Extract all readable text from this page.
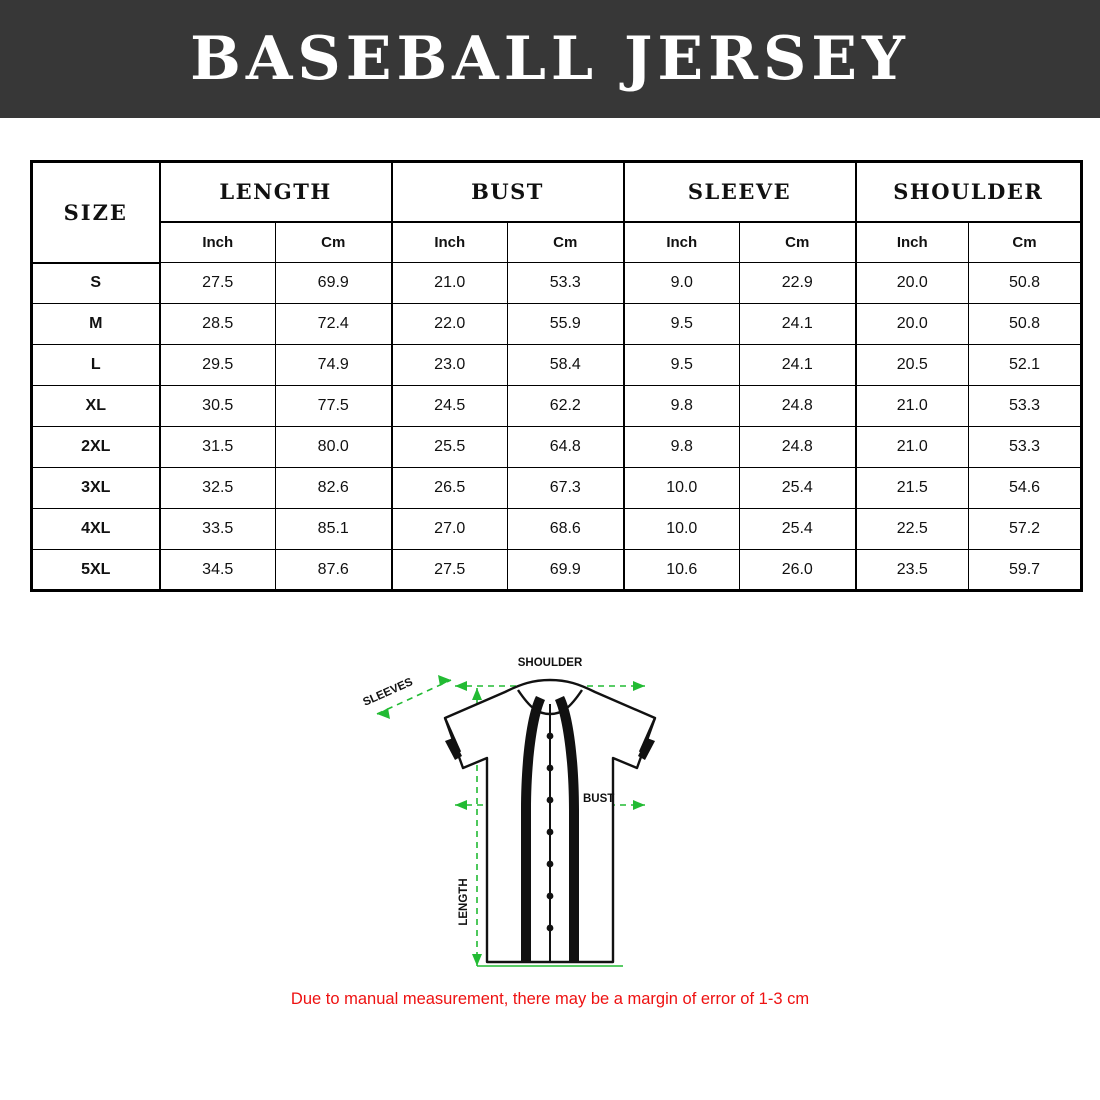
BASEBALL JERSEY
SIZE	LENGTH		BUST		SLEEVE		SHOULDER	
	Inch	Cm	Inch	Cm	Inch	Cm	Inch	Cm
S	27.5	69.9	21.0	53.3	9.0	22.9	20.0	50.8
M	28.5	72.4	22.0	55.9	9.5	24.1	20.0	50.8
L	29.5	74.9	23.0	58.4	9.5	24.1	20.5	52.1
XL	30.5	77.5	24.5	62.2	9.8	24.8	21.0	53.3
2XL	31.5	80.0	25.5	64.8	9.8	24.8	21.0	53.3
3XL	32.5	82.6	26.5	67.3	10.0	25.4	21.5	54.6
4XL	33.5	85.1	27.0	68.6	10.0	25.4	22.5	57.2
5XL	34.5	87.6	27.5	69.9	10.6	26.0	23.5	59.7
SHOULDER
SLEEVES
BUST
LENGTH
Due to manual measurement, there may be a margin of error of 1-3 cm
